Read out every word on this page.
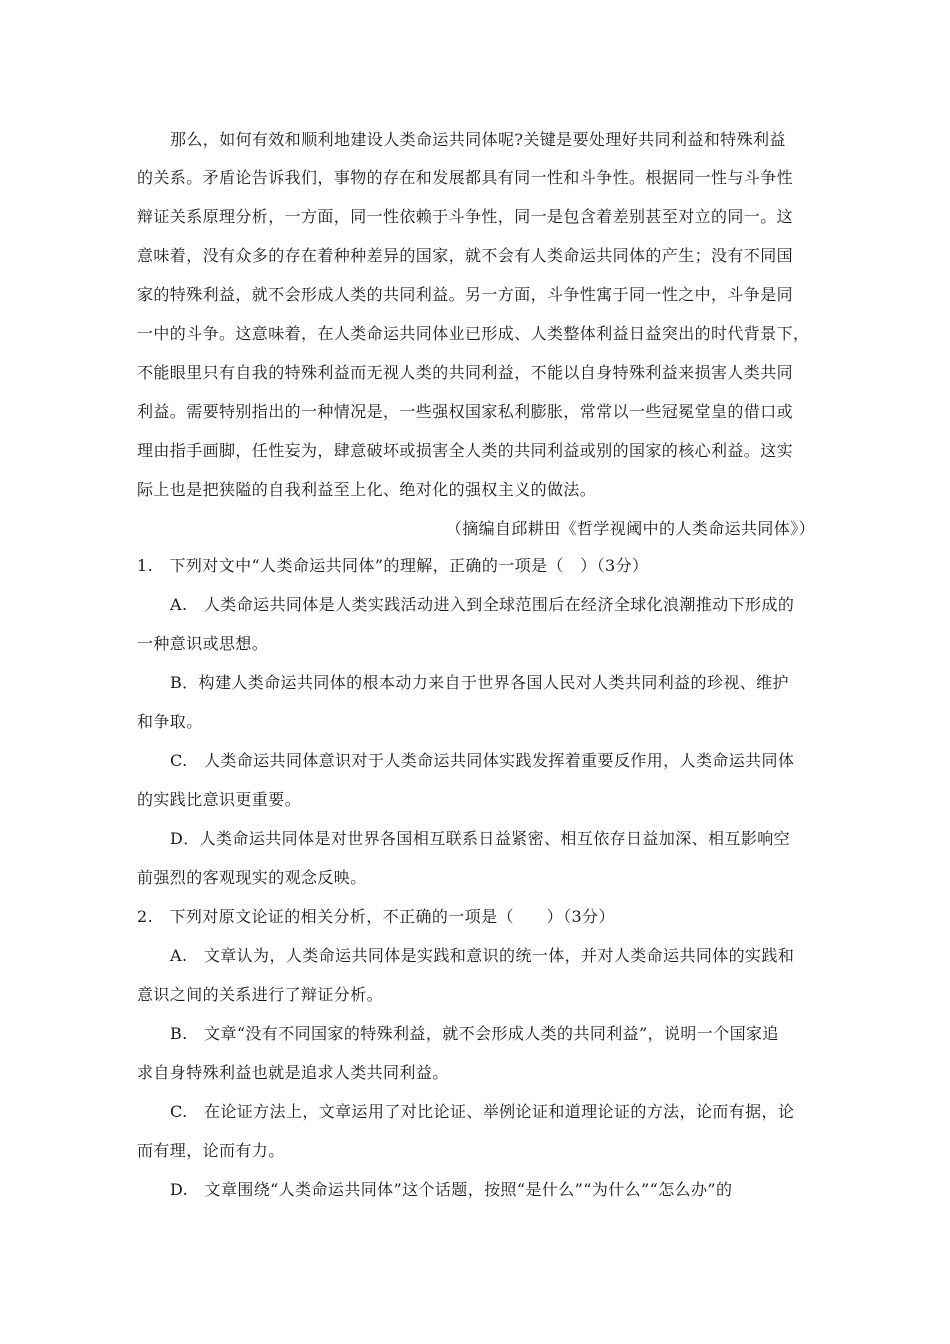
那么，如何有效和顺利地建设人类命运共同体呢?关键是要处理好共同利益和特殊利益
的关系。矛盾论告诉我们，事物的存在和发展都具有同一性和斗争性。根据同一性与斗争性
辩证关系原理分析，一方面，同一性依赖于斗争性，同一是包含着差别甚至对立的同一。这
意味着，没有众多的存在着种种差异的国家，就不会有人类命运共同体的产生；没有不同国
家的特殊利益，就不会形成人类的共同利益。另一方面，斗争性寓于同一性之中，斗争是同
一中的斗争。这意味着，在人类命运共同体业已形成、人类整体利益日益突出的时代背景下，
不能眼里只有自我的特殊利益而无视人类的共同利益，不能以自身特殊利益来损害人类共同
利益。需要特别指出的一种情况是，一些强权国家私利膨胀，常常以一些冠冕堂皇的借口或
理由指手画脚，任性妄为，肆意破坏或损害全人类的共同利益或别的国家的核心利益。这实
际上也是把狭隘的自我利益至上化、绝对化的强权主义的做法。
（摘编自邱耕田《哲学视阈中的人类命运共同体》）
1.　下列对文中“人类命运共同体”的理解，正确的一项是（　）（3分）
A.　人类命运共同体是人类实践活动进入到全球范围后在经济全球化浪潮推动下形成的
一种意识或思想。
B．构建人类命运共同体的根本动力来自于世界各国人民对人类共同利益的珍视、维护
和争取。
C.　人类命运共同体意识对于人类命运共同体实践发挥着重要反作用，人类命运共同体
的实践比意识更重要。
D．人类命运共同体是对世界各国相互联系日益紧密、相互依存日益加深、相互影响空
前强烈的客观现实的观念反映。
2.　下列对原文论证的相关分析，不正确的一项是（　　）（3分）
A.　文章认为，人类命运共同体是实践和意识的统一体，并对人类命运共同体的实践和
意识之间的关系进行了辩证分析。
B.　文章“没有不同国家的特殊利益，就不会形成人类的共同利益”，说明一个国家追
求自身特殊利益也就是追求人类共同利益。
C.　在论证方法上，文章运用了对比论证、举例论证和道理论证的方法，论而有据，论
而有理，论而有力。
D.　文章围绕“人类命运共同体”这个话题，按照“是什么”“为什么”“怎么办”的
